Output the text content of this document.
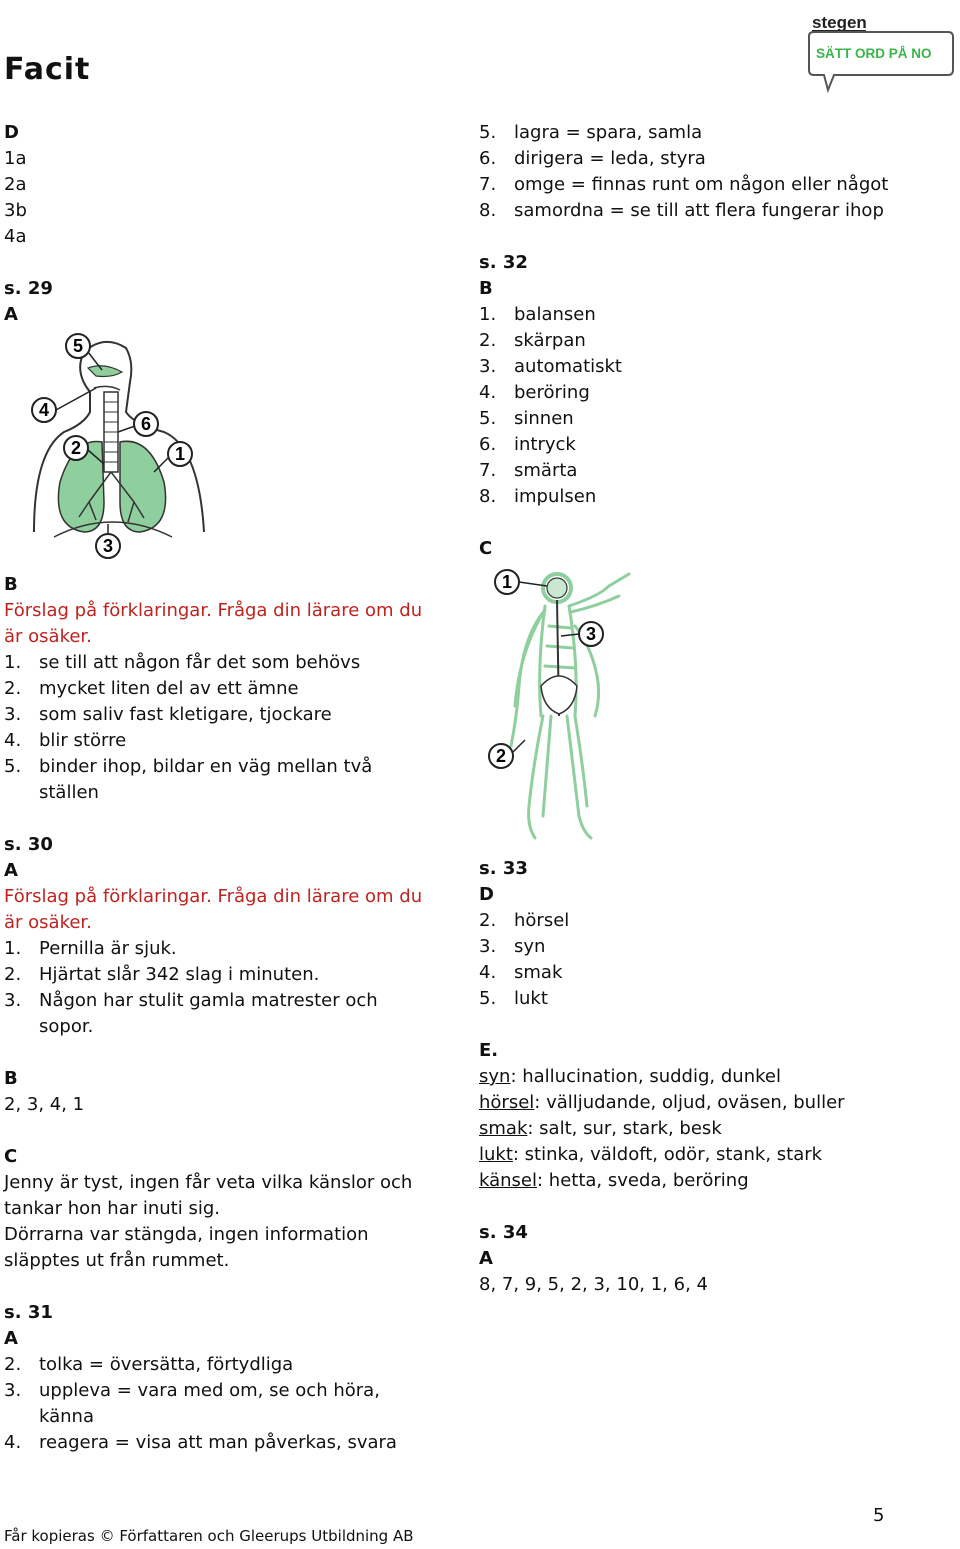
Facit
stegen
SÄTT ORD PÅ NO
D
1a
2a
3b
4a
s. 29
A
5
4
6
2	1
3
B
Förslag på förklaringar. Fråga din lärare om du är osäker.
1. se till att någon får det som behövs
2. mycket liten del av ett ämne
3. som saliv fast kletigare, tjockare
4. blir större
5. binder ihop, bildar en väg mellan två ställen
s. 30
A
Förslag på förklaringar. Fråga din lärare om du är osäker.
1. Pernilla är sjuk.
2. Hjärtat slår 342 slag i minuten.
3. Någon har stulit gamla matrester och sopor.
B
2, 3, 4, 1
C
Jenny är tyst, ingen får veta vilka känslor och tankar hon har inuti sig.
Dörrarna var stängda, ingen information släpptes ut från rummet.
s. 31
A
2. tolka = översätta, förtydliga
3. uppleva = vara med om, se och höra, känna
4. reagera = visa att man påverkas, svara
5. lagra = spara, samla
6. dirigera = leda, styra
7. omge = finnas runt om någon eller något
8. samordna = se till att flera fungerar ihop
s. 32
B
1. balansen
2. skärpan
3. automatiskt
4. beröring
5. sinnen
6. intryck
7. smärta
8. impulsen
C
1
3
2
s. 33
D
2. hörsel
3. syn
4. smak
5. lukt
E.
syn: hallucination, suddig, dunkel
hörsel: välljudande, oljud, oväsen, buller
smak: salt, sur, stark, besk
lukt: stinka, väldoft, odör, stank, stark
känsel: hetta, sveda, beröring
s. 34
A
8, 7, 9, 5, 2, 3, 10, 1, 6, 4
5
Får kopieras © Författaren och Gleerups Utbildning AB
